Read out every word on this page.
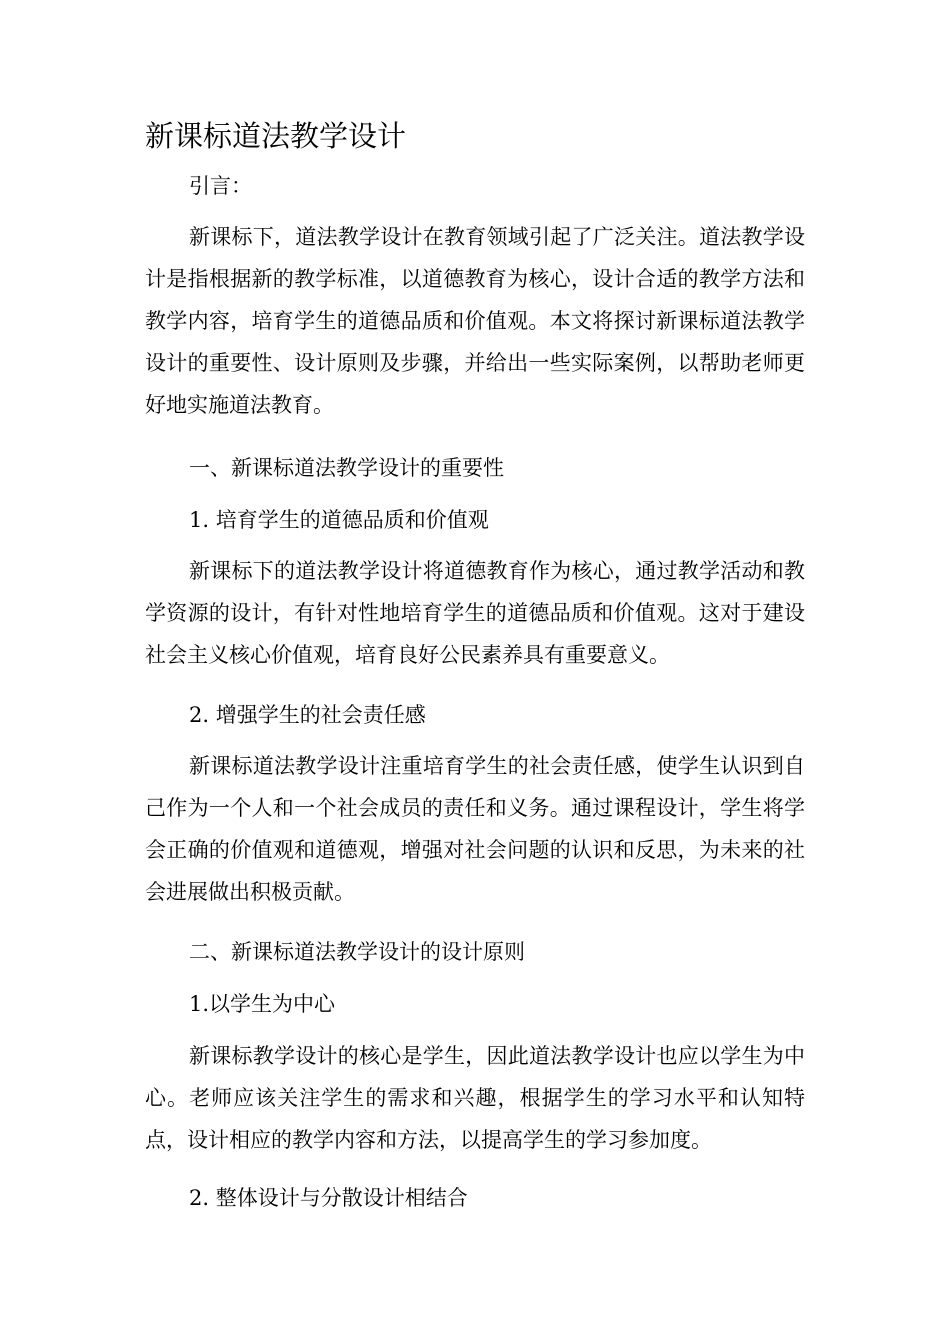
新课标道法教学设计
引言：
新课标下，道法教学设计在教育领域引起了广泛关注。道法教学设计是指根据新的教学标准，以道德教育为核心，设计合适的教学方法和教学内容，培育学生的道德品质和价值观。本文将探讨新课标道法教学设计的重要性、设计原则及步骤，并给出一些实际案例，以帮助老师更好地实施道法教育。
一、新课标道法教学设计的重要性
1. 培育学生的道德品质和价值观
新课标下的道法教学设计将道德教育作为核心，通过教学活动和教学资源的设计，有针对性地培育学生的道德品质和价值观。这对于建设社会主义核心价值观，培育良好公民素养具有重要意义。
2. 增强学生的社会责任感
新课标道法教学设计注重培育学生的社会责任感，使学生认识到自己作为一个人和一个社会成员的责任和义务。通过课程设计，学生将学会正确的价值观和道德观，增强对社会问题的认识和反思，为未来的社会进展做出积极贡献。
二、新课标道法教学设计的设计原则
1.以学生为中心
新课标教学设计的核心是学生，因此道法教学设计也应以学生为中心。老师应该关注学生的需求和兴趣，根据学生的学习水平和认知特点，设计相应的教学内容和方法，以提高学生的学习参加度。
2. 整体设计与分散设计相结合
